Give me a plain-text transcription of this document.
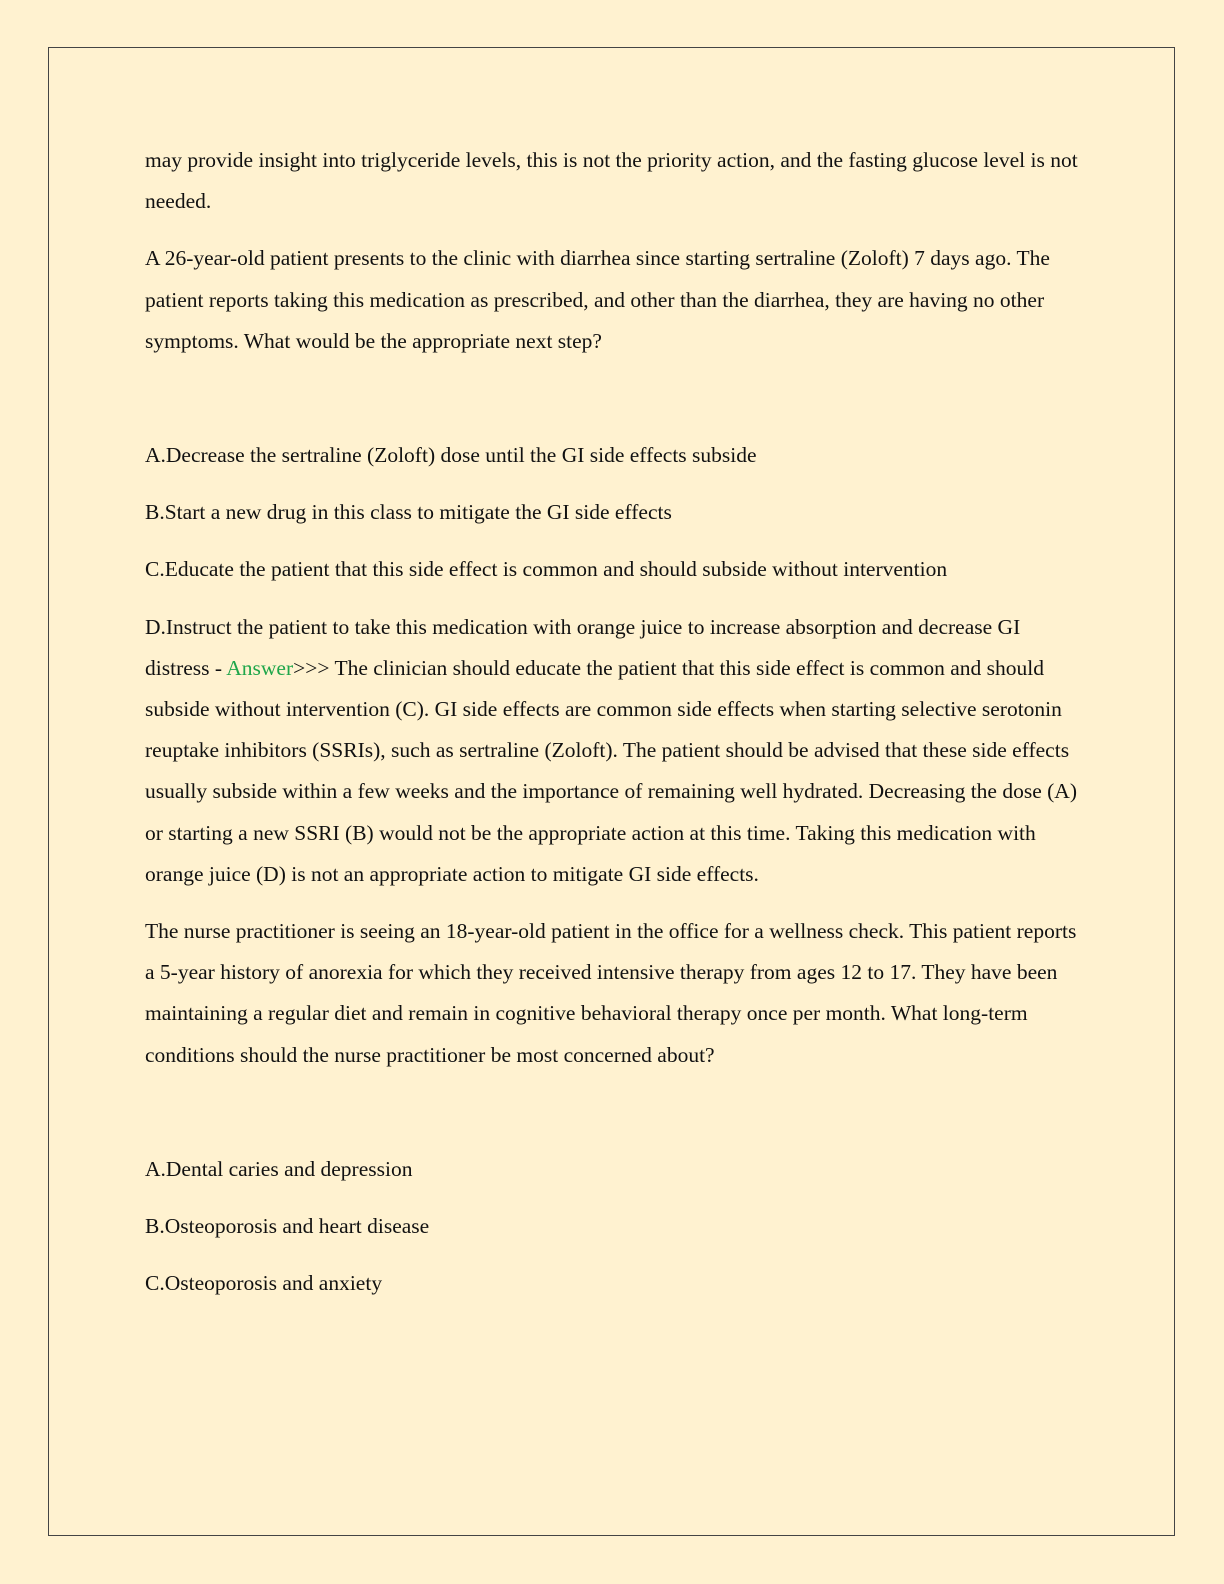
may provide insight into triglyceride levels, this is not the priority action, and the fasting glucose level is not needed.

A 26-year-old patient presents to the clinic with diarrhea since starting sertraline (Zoloft) 7 days ago. The patient reports taking this medication as prescribed, and other than the diarrhea, they are having no other symptoms. What would be the appropriate next step?

A.Decrease the sertraline (Zoloft) dose until the GI side effects subside

B.Start a new drug in this class to mitigate the GI side effects

C.Educate the patient that this side effect is common and should subside without intervention

D.Instruct the patient to take this medication with orange juice to increase absorption and decrease GI distress - Answer>>> The clinician should educate the patient that this side effect is common and should subside without intervention (C). GI side effects are common side effects when starting selective serotonin reuptake inhibitors (SSRIs), such as sertraline (Zoloft). The patient should be advised that these side effects usually subside within a few weeks and the importance of remaining well hydrated. Decreasing the dose (A) or starting a new SSRI (B) would not be the appropriate action at this time. Taking this medication with orange juice (D) is not an appropriate action to mitigate GI side effects.

The nurse practitioner is seeing an 18-year-old patient in the office for a wellness check. This patient reports a 5-year history of anorexia for which they received intensive therapy from ages 12 to 17. They have been maintaining a regular diet and remain in cognitive behavioral therapy once per month. What long-term conditions should the nurse practitioner be most concerned about?

A.Dental caries and depression

B.Osteoporosis and heart disease

C.Osteoporosis and anxiety
